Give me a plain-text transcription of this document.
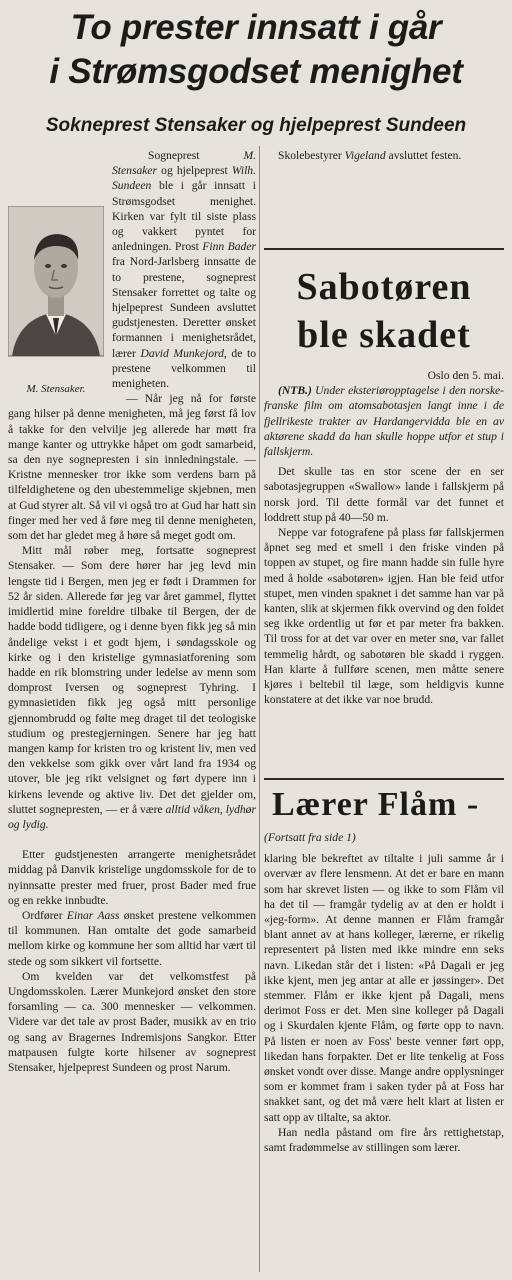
To prester innsatt i går
i Strømsgodset menighet
Sokneprest Stensaker og hjelpeprest Sundeen
M. Stensaker.

Sogneprest M. Stensaker og hjelpeprest Wilh. Sundeen ble i går innsatt i Strømsgodset menighet. Kirken var fylt til siste plass og vakkert pyntet for anledningen. Prost Finn Bader fra Nord-Jarlsberg innsatte de to prestene, sogneprest Stensaker forrettet og talte og hjelpeprest Sundeen avsluttet gudstjenesten. Deretter ønsket formannen i menighetsrådet, lærer David Munkejord, de to prestene velkommen til menigheten.

— Når jeg nå for første gang hilser på denne menigheten, må jeg først få lov å takke for den velvilje jeg allerede har møtt fra mange kanter og uttrykke håpet om godt samarbeid, sa den nye sognepresten i sin innledningstale. — Kristne mennesker tror ikke som verdens barn på tilfeldighetene og den ubestemmelige skjebnen, men at Gud styrer alt. Så vil vi også tro at Gud har hatt sin finger med her ved å føre meg til denne menigheten, som det har gledet meg å høre så meget godt om.

Mitt mål røber meg, fortsatte sogneprest Stensaker. — Som dere hører har jeg levd min lengste tid i Bergen, men jeg er født i Drammen for 52 år siden. Allerede før jeg var året gammel, flyttet imidlertid mine foreldre tilbake til Bergen, der de hadde bodd tidligere, og i denne byen fikk jeg så min åndelige vekst i et godt hjem, i søndagsskole og kirke og i den kristelige gymnasiatforening som hadde en rik blomstring under ledelse av menn som domprost Iversen og sogneprest Tyhring. I gymnasietiden fikk jeg også mitt personlige gjennombrudd og følte meg draget til det teologiske studium og prestegjerningen. Senere har jeg hatt mangen kamp for kristen tro og kristent liv, men ved den vekkelse som gikk over vårt land fra 1934 og utover, ble jeg rikt velsignet og ført dypere inn i kirkens levende og aktive liv. Det det gjelder om, sluttet sognepresten, — er å være alltid våken, lydhør og lydig.

Etter gudstjenesten arrangerte menighetsrådet middag på Danvik kristelige ungdomsskole for de to nyinnsatte prester med fruer, prost Bader med frue og en rekke innbudte.

Ordfører Einar Aass ønsket prestene velkommen til kommunen. Han omtalte det gode samarbeid mellom kirke og kommune her som alltid har vært til stede og som sikkert vil fortsette.

Om kvelden var det velkomstfest på Ungdomsskolen. Lærer Munkejord ønsket den store forsamling — ca. 300 mennesker — velkommen. Videre var det tale av prost Bader, musikk av en trio og sang av Bragernes Indremisjons Sangkor. Etter matpausen fulgte korte hilsener av sogneprest Stensaker, hjelpeprest Sundeen og prost Narum.

Skolebestyrer Vigeland avsluttet festen.

Sabotøren
ble skadet

Oslo den 5. mai.

(NTB.) Under eksteriøropptagelse i den norske-franske film om atomsabotasjen langt inne i de fjellrikeste trakter av Hardangervidda ble en av aktørene skadd da han skulle hoppe utfor et stup i fallskjerm.

Det skulle tas en stor scene der en ser sabotasjegruppen «Swallow» lande i fallskjerm på norsk jord. Til dette formål var det funnet et loddrett stup på 40—50 m.

Neppe var fotografene på plass før fallskjermen åpnet seg med et smell i den friske vinden på toppen av stupet, og fire mann hadde sin fulle hyre med å holde «sabotøren» igjen. Han ble feid utfor stupet, men vinden spaknet i det samme han var på kanten, slik at skjermen fikk overvind og den foldet seg ikke ordentlig ut før et par meter fra bakken. Til tross for at det var over en meter snø, var fallet temmelig hårdt, og sabotøren ble skadd i ryggen. Han klarte å fullføre scenen, men måtte senere kjøres i beltebil til læge, som heldigvis kunne konstatere at det ikke var noe brudd.

Lærer Flåm -

(Fortsatt fra side 1)

klaring ble bekreftet av tiltalte i juli samme år i overvær av flere lensmenn. At det er bare en mann som har skrevet listen — og ikke to som Flåm vil ha det til — framgår tydelig av at den er holdt i «jeg-form». At denne mannen er Flåm framgår blant annet av at hans kolleger, lærerne, er rikelig representert på listen med ikke mindre enn seks navn. Likedan står det i listen: «På Dagali er jeg ikke kjent, men jeg antar at alle er jøssinger». Det stemmer. Flåm er ikke kjent på Dagali, mens derimot Foss er det. Men sine kolleger på Dagali og i Skurdalen kjente Flåm, og førte opp to navn. På listen er noen av Foss' beste venner ført opp, likedan hans forpakter. Det er lite tenkelig at Foss ønsket vondt over disse. Mange andre opplysninger som er kommet fram i saken tyder på at Foss har snakket sant, og det må være helt klart at listen er satt opp av tiltalte, sa aktor.

Han nedla påstand om fire års rettighetstap, samt fradømmelse av stillingen som lærer.
